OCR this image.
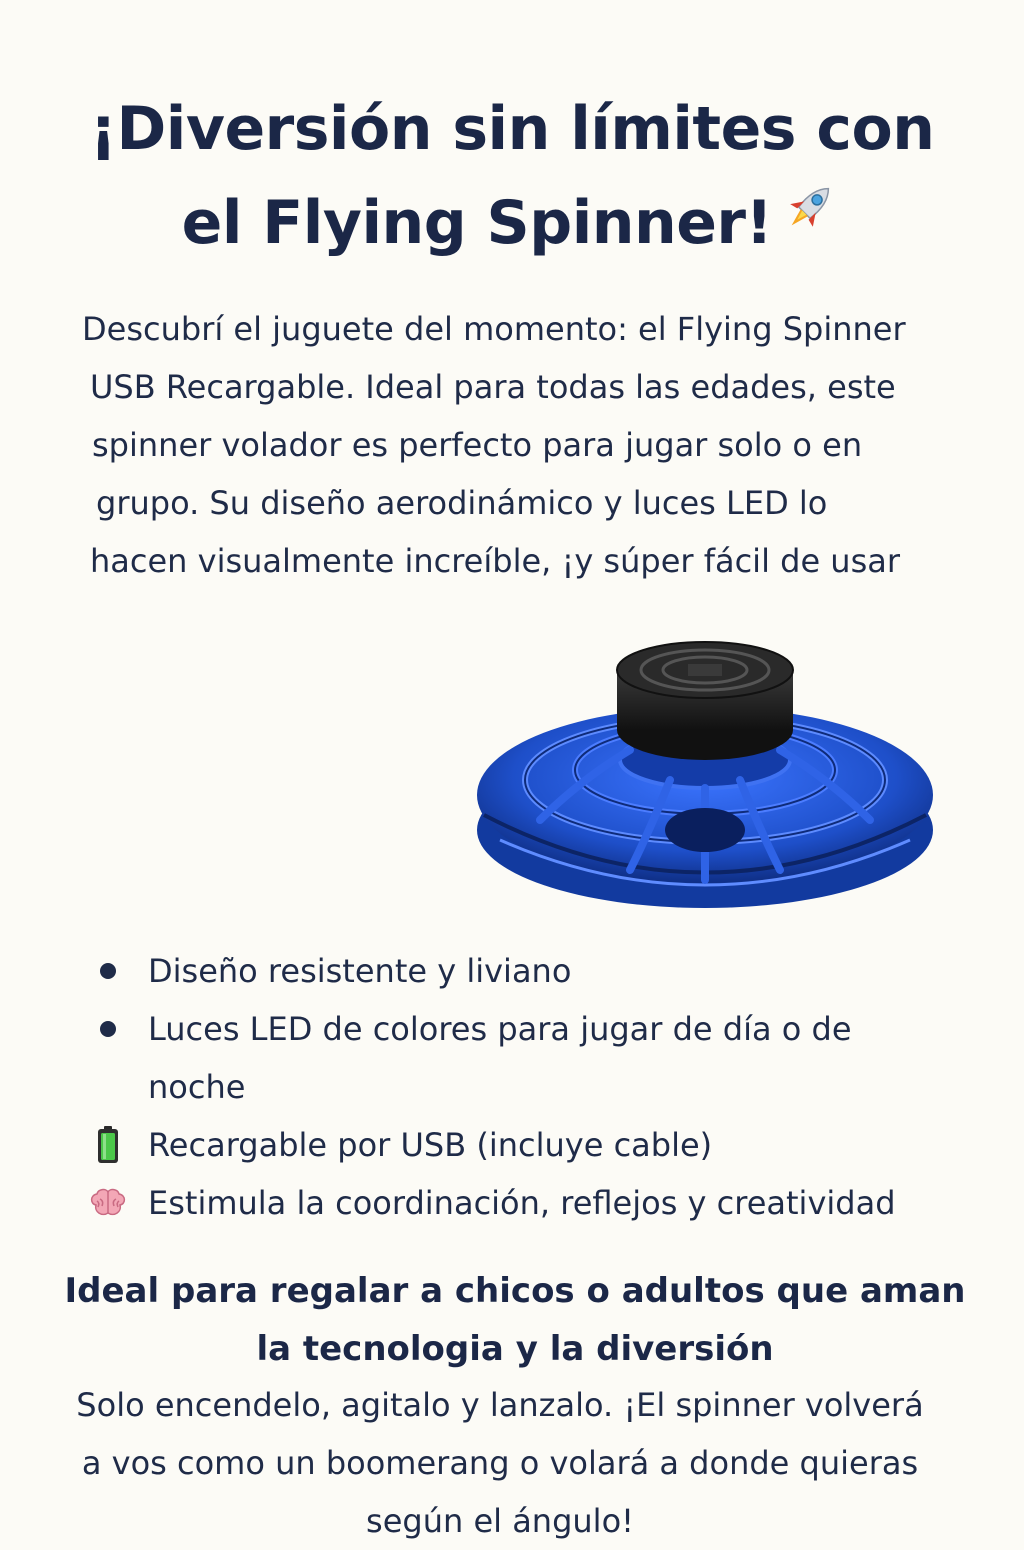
¡Diversión sin límites con
el Flying Spinner!
Descubrí el juguete del momento: el Flying Spinner
USB Recargable. Ideal para todas las edades, este
spinner volador es perfecto para jugar solo o en
grupo. Su diseño aerodinámico y luces LED lo
hacen visualmente increíble, ¡y súper fácil de usar
Diseño resistente y liviano
Luces LED de colores para jugar de día o de
noche
Recargable por USB (incluye cable)
Estimula la coordinación, reflejos y creatividad
Ideal para regalar a chicos o adultos que aman
la tecnologia y la diversión
Solo encendelo, agitalo y lanzalo. ¡El spinner volverá
a vos como un boomerang o volará a donde quieras
según el ángulo!
